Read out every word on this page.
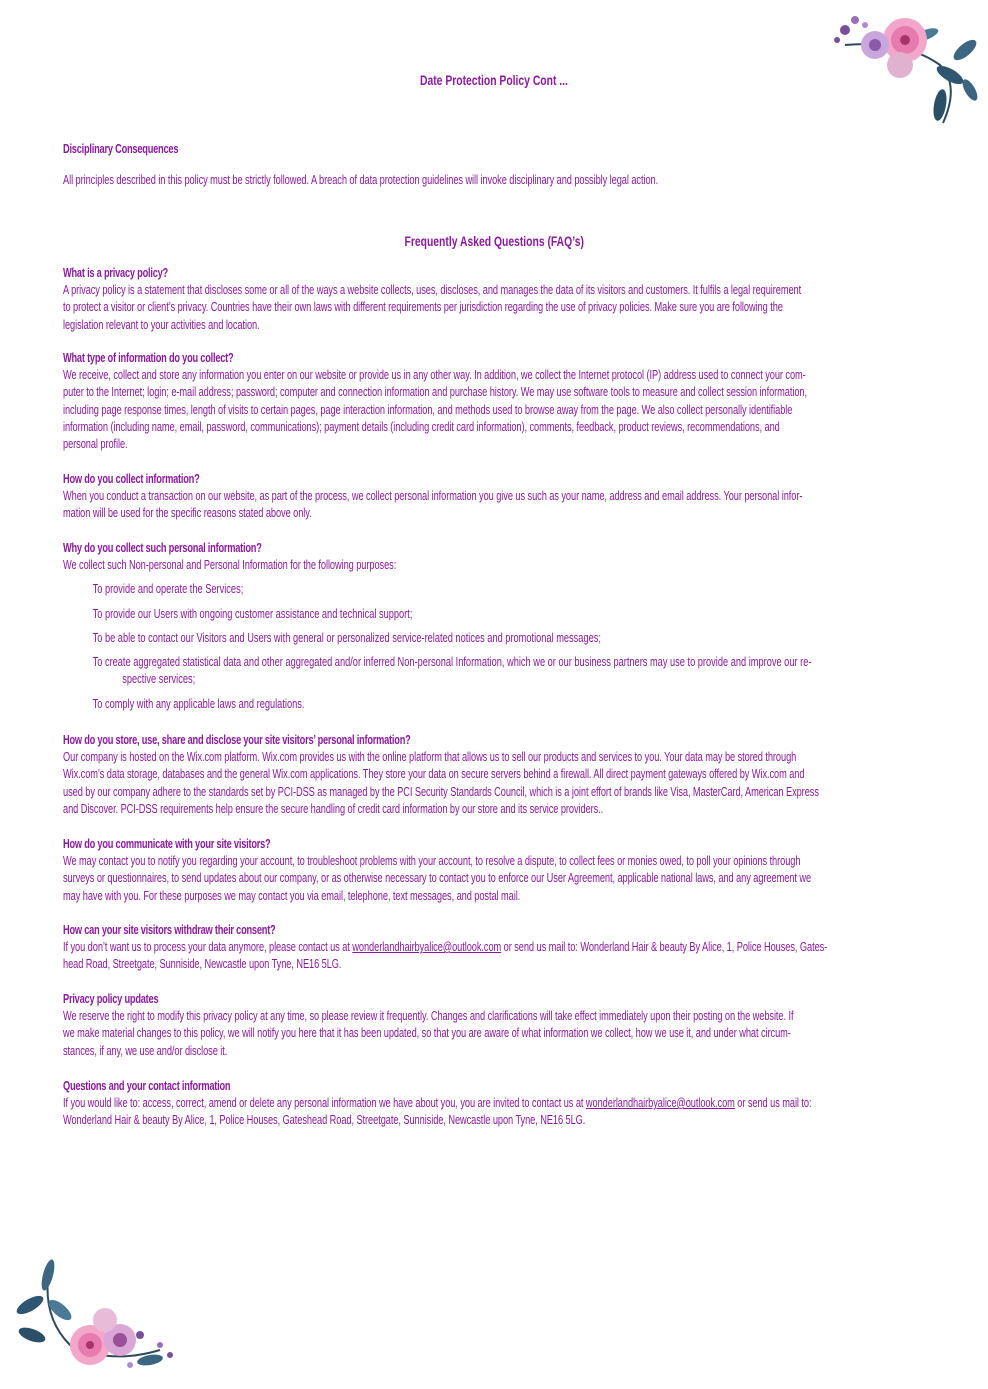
Date Protection Policy Cont ...
Disciplinary Consequences
All principles described in this policy must be strictly followed. A breach of data protection guidelines will invoke disciplinary and possibly legal action.
Frequently Asked Questions (FAQ’s)
What is a privacy policy?
A privacy policy is a statement that discloses some or all of the ways a website collects, uses, discloses, and manages the data of its visitors and customers. It fulfils a legal requirement
to protect a visitor or client’s privacy. Countries have their own laws with different requirements per jurisdiction regarding the use of privacy policies. Make sure you are following the
legislation relevant to your activities and location.
What type of information do you collect?
We receive, collect and store any information you enter on our website or provide us in any other way. In addition, we collect the Internet protocol (IP) address used to connect your com-
puter to the Internet; login; e-mail address; password; computer and connection information and purchase history. We may use software tools to measure and collect session information,
including page response times, length of visits to certain pages, page interaction information, and methods used to browse away from the page. We also collect personally identifiable
information (including name, email, password, communications); payment details (including credit card information), comments, feedback, product reviews, recommendations, and
personal profile.
How do you collect information?
When you conduct a transaction on our website, as part of the process, we collect personal information you give us such as your name, address and email address. Your personal infor-
mation will be used for the specific reasons stated above only.
Why do you collect such personal information?
We collect such Non-personal and Personal Information for the following purposes:
To provide and operate the Services;
To provide our Users with ongoing customer assistance and technical support;
To be able to contact our Visitors and Users with general or personalized service-related notices and promotional messages;
To create aggregated statistical data and other aggregated and/or inferred Non-personal Information, which we or our business partners may use to provide and improve our re-
spective services;
To comply with any applicable laws and regulations.
How do you store, use, share and disclose your site visitors’ personal information?
Our company is hosted on the Wix.com platform. Wix.com provides us with the online platform that allows us to sell our products and services to you. Your data may be stored through
Wix.com’s data storage, databases and the general Wix.com applications. They store your data on secure servers behind a firewall. All direct payment gateways offered by Wix.com and
used by our company adhere to the standards set by PCI-DSS as managed by the PCI Security Standards Council, which is a joint effort of brands like Visa, MasterCard, American Express
and Discover. PCI-DSS requirements help ensure the secure handling of credit card information by our store and its service providers..
How do you communicate with your site visitors?
We may contact you to notify you regarding your account, to troubleshoot problems with your account, to resolve a dispute, to collect fees or monies owed, to poll your opinions through
surveys or questionnaires, to send updates about our company, or as otherwise necessary to contact you to enforce our User Agreement, applicable national laws, and any agreement we
may have with you. For these purposes we may contact you via email, telephone, text messages, and postal mail.
How can your site visitors withdraw their consent?
If you don’t want us to process your data anymore, please contact us at wonderlandhairbyalice@outlook.com or send us mail to: Wonderland Hair & beauty By Alice, 1, Police Houses, Gates-
head Road, Streetgate, Sunniside, Newcastle upon Tyne, NE16 5LG.
Privacy policy updates
We reserve the right to modify this privacy policy at any time, so please review it frequently. Changes and clarifications will take effect immediately upon their posting on the website. If
we make material changes to this policy, we will notify you here that it has been updated, so that you are aware of what information we collect, how we use it, and under what circum-
stances, if any, we use and/or disclose it.
Questions and your contact information
If you would like to: access, correct, amend or delete any personal information we have about you, you are invited to contact us at wonderlandhairbyalice@outlook.com or send us mail to:
Wonderland Hair & beauty By Alice, 1, Police Houses, Gateshead Road, Streetgate, Sunniside, Newcastle upon Tyne, NE16 5LG.
